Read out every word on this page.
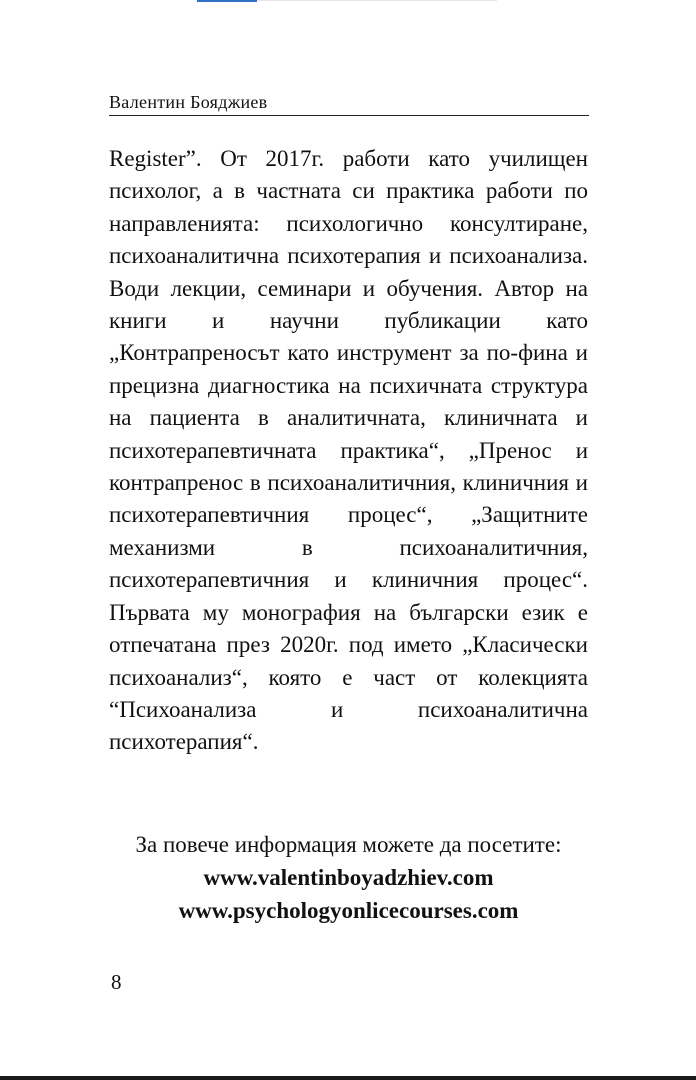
Валентин Бояджиев

Register”. От 2017г. работи като училищен психолог, а в частната си практика работи по направленията: психологично консултиране, психоаналитична психотерапия и психоанализа. Води лекции, семинари и обучения. Автор на книги и научни публикации като „Контрапреносът като инструмент за по-фина и прецизна диагностика на психичната структура на пациента в аналитичната, клиничната и психотерапевтичната практика“, „Пренос и контрапренос в психоаналитичния, клиничния и психотерапевтичния процес“, „Защитните механизми в психоаналитичния, психотерапевтичния и клиничния процес“. Първата му монография на български език е отпечатана през 2020г. под името „Класически психоанализ“, която е част от колекцията “Психоанализа и психоаналитична психотерапия“.

За повече информация можете да посетите:
www.valentinboyadzhiev.com
www.psychologyonlicecourses.com
8
